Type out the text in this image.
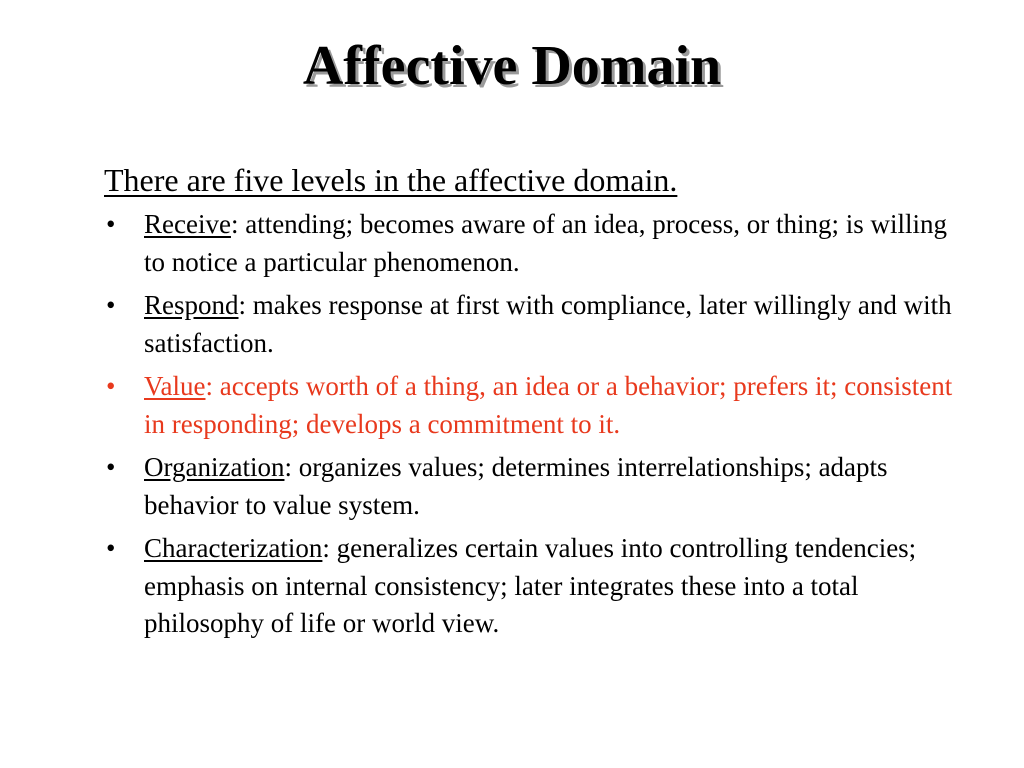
Affective Domain

There are five levels in the affective domain.

•	Receive: attending; becomes aware of an idea, process, or thing; is willing to notice a particular phenomenon.
•	Respond: makes response at first with compliance, later willingly and with satisfaction.
•	Value: accepts worth of a thing, an idea or a behavior; prefers it; consistent in responding; develops a commitment to it.
•	Organization: organizes values; determines interrelationships; adapts behavior to value system.
•	Characterization: generalizes certain values into controlling tendencies; emphasis on internal consistency; later integrates these into a total philosophy of life or world view.
